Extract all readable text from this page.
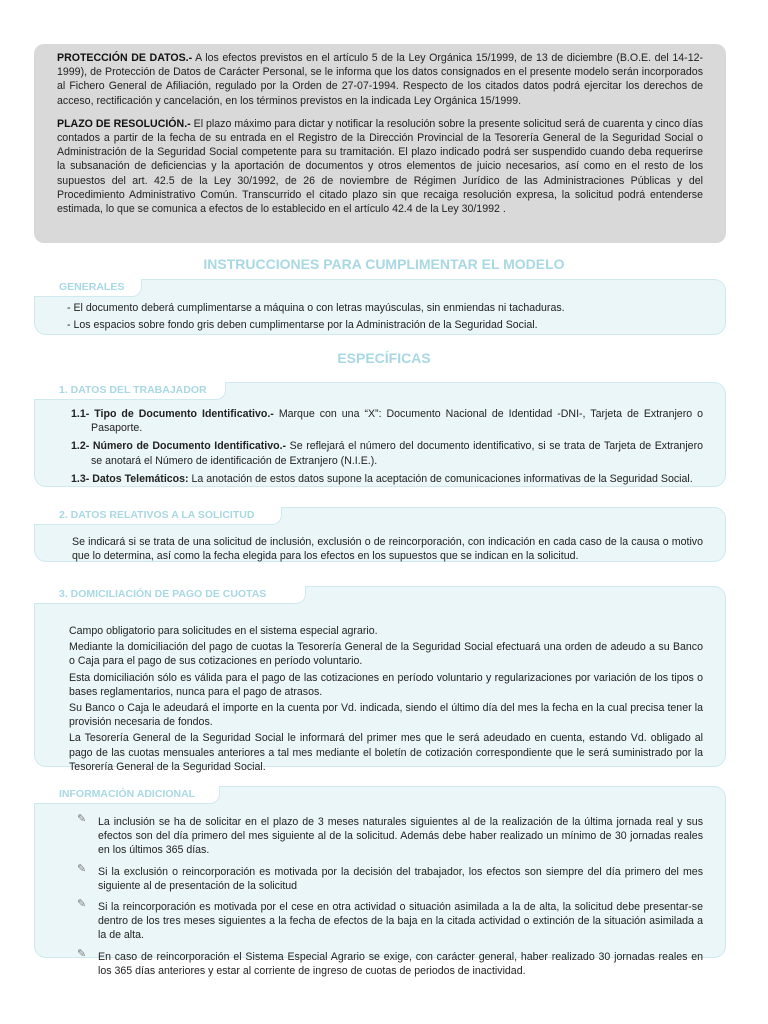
PROTECCIÓN DE DATOS.- A los efectos previstos en el artículo 5 de la Ley Orgánica 15/1999, de 13 de diciembre (B.O.E. del 14-12-1999), de Protección de Datos de Carácter Personal, se le informa que los datos consignados en el presente modelo serán incorporados al Fichero General de Afiliación, regulado por la Orden de 27-07-1994. Respecto de los citados datos podrá ejercitar los derechos de acceso, rectificación y cancelación, en los términos previstos en la indicada Ley Orgánica 15/1999.

PLAZO DE RESOLUCIÓN.- El plazo máximo para dictar y notificar la resolución sobre la presente solicitud será de cuarenta y cinco días contados a partir de la fecha de su entrada en el Registro de la Dirección Provincial de la Tesorería General de la Seguridad Social o Administración de la Seguridad Social competente para su tramitación. El plazo indicado podrá ser suspendido cuando deba requerirse la subsanación de deficiencias y la aportación de documentos y otros elementos de juicio necesarios, así como en el resto de los supuestos del art. 42.5 de la Ley 30/1992, de 26 de noviembre de Régimen Jurídico de las Administraciones Públicas y del Procedimiento Administrativo Común. Transcurrido el citado plazo sin que recaiga resolución expresa, la solicitud podrá entenderse estimada, lo que se comunica a efectos de lo establecido en el artículo 42.4 de la Ley 30/1992 .

INSTRUCCIONES PARA CUMPLIMENTAR EL MODELO
GENERALES

- El documento deberá cumplimentarse a máquina o con letras mayúsculas, sin enmiendas ni tachaduras.

- Los espacios sobre fondo gris deben cumplimentarse por la Administración de la Seguridad Social.

ESPECÍFICAS
1. DATOS DEL TRABAJADOR

1.1- Tipo de Documento Identificativo.- Marque con una “X”: Documento Nacional de Identidad -DNI-, Tarjeta de Extranjero o Pasaporte.

1.2- Número de Documento Identificativo.- Se reflejará el número del documento identificativo, si se trata de Tarjeta de Extranjero se anotará el Número de identificación de Extranjero (N.I.E.).

1.3- Datos Telemáticos: La anotación de estos datos supone la aceptación de comunicaciones informativas de la Seguridad Social.

2. DATOS RELATIVOS A LA SOLICITUD

Se indicará si se trata de una solicitud de inclusión, exclusión o de reincorporación, con indicación en cada caso de la causa o motivo que lo determina, así como la fecha elegida para los efectos en los supuestos que se indican en la solicitud.

3. DOMICILIACIÓN DE PAGO DE CUOTAS

Campo obligatorio para solicitudes en el sistema especial agrario.

Mediante la domiciliación del pago de cuotas la Tesorería General de la Seguridad Social efectuará una orden de adeudo a su Banco o Caja para el pago de sus cotizaciones en período voluntario.

Esta domiciliación sólo es válida para el pago de las cotizaciones en período voluntario y regularizaciones por variación de los tipos o bases reglamentarios, nunca para el pago de atrasos.

Su Banco o Caja le adeudará el importe en la cuenta por Vd. indicada, siendo el último día del mes la fecha en la cual precisa tener la provisión necesaria de fondos.

La Tesorería General de la Seguridad Social le informará del primer mes que le será adeudado en cuenta, estando Vd. obligado al pago de las cuotas mensuales anteriores a tal mes mediante el boletín de cotización correspondiente que le será suministrado por la Tesorería General de la Seguridad Social.

INFORMACIÓN ADICIONAL

✎	La inclusión se ha de solicitar en el plazo de 3 meses naturales siguientes al de la realización de la última jornada real y sus efectos son del día primero del mes siguiente al de la solicitud. Además debe haber realizado un mínimo de 30 jornadas reales en los últimos 365 días.

✎	Si la exclusión o reincorporación es motivada por la decisión del trabajador, los efectos son siempre del día primero del mes siguiente al de presentación de la solicitud

✎	Si la reincorporación es motivada por el cese en otra actividad o situación asimilada a la de alta, la solicitud debe presentar-se dentro de los tres meses siguientes a la fecha de efectos de la baja en la citada actividad o extinción de la situación asimilada a la de alta.

✎	En caso de reincorporación el Sistema Especial Agrario se exige, con carácter general, haber realizado 30 jornadas reales en los 365 días anteriores y estar al corriente de ingreso de cuotas de periodos de inactividad.
